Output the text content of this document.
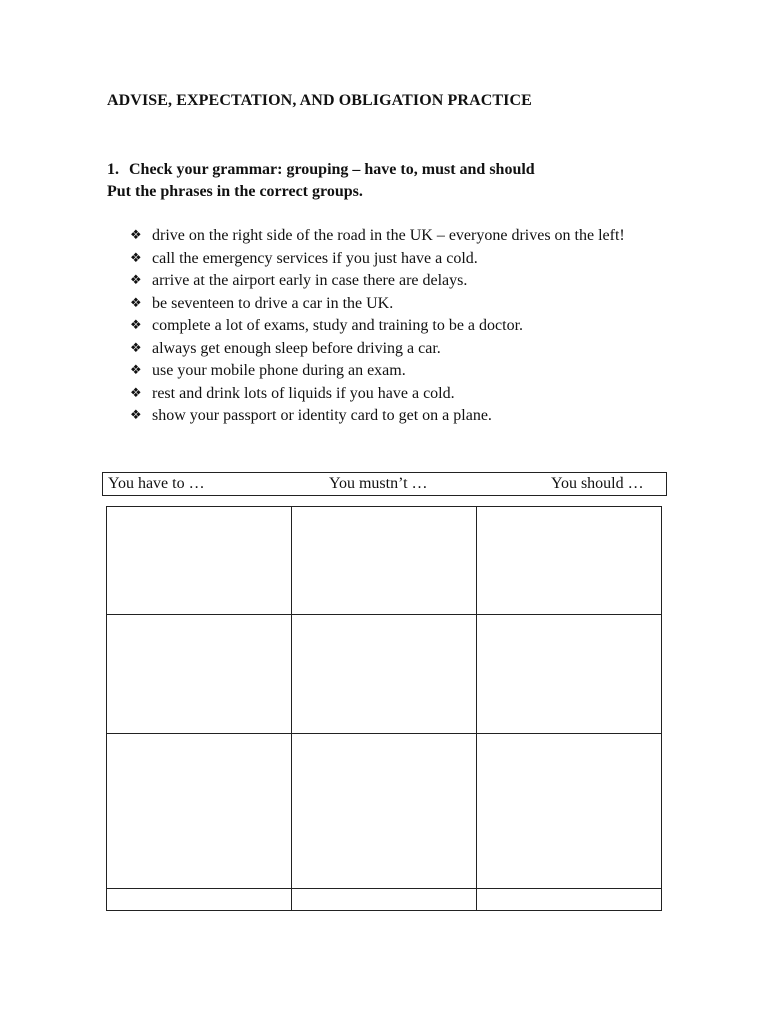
ADVISE, EXPECTATION, AND OBLIGATION PRACTICE
1. Check your grammar: grouping – have to, must and should
Put the phrases in the correct groups.
❖ drive on the right side of the road in the UK – everyone drives on the left!
❖ call the emergency services if you just have a cold.
❖ arrive at the airport early in case there are delays.
❖ be seventeen to drive a car in the UK.
❖ complete a lot of exams, study and training to be a doctor.
❖ always get enough sleep before driving a car.
❖ use your mobile phone during an exam.
❖ rest and drink lots of liquids if you have a cold.
❖ show your passport or identity card to get on a plane.
You have to …	You mustn’t …	You should …
